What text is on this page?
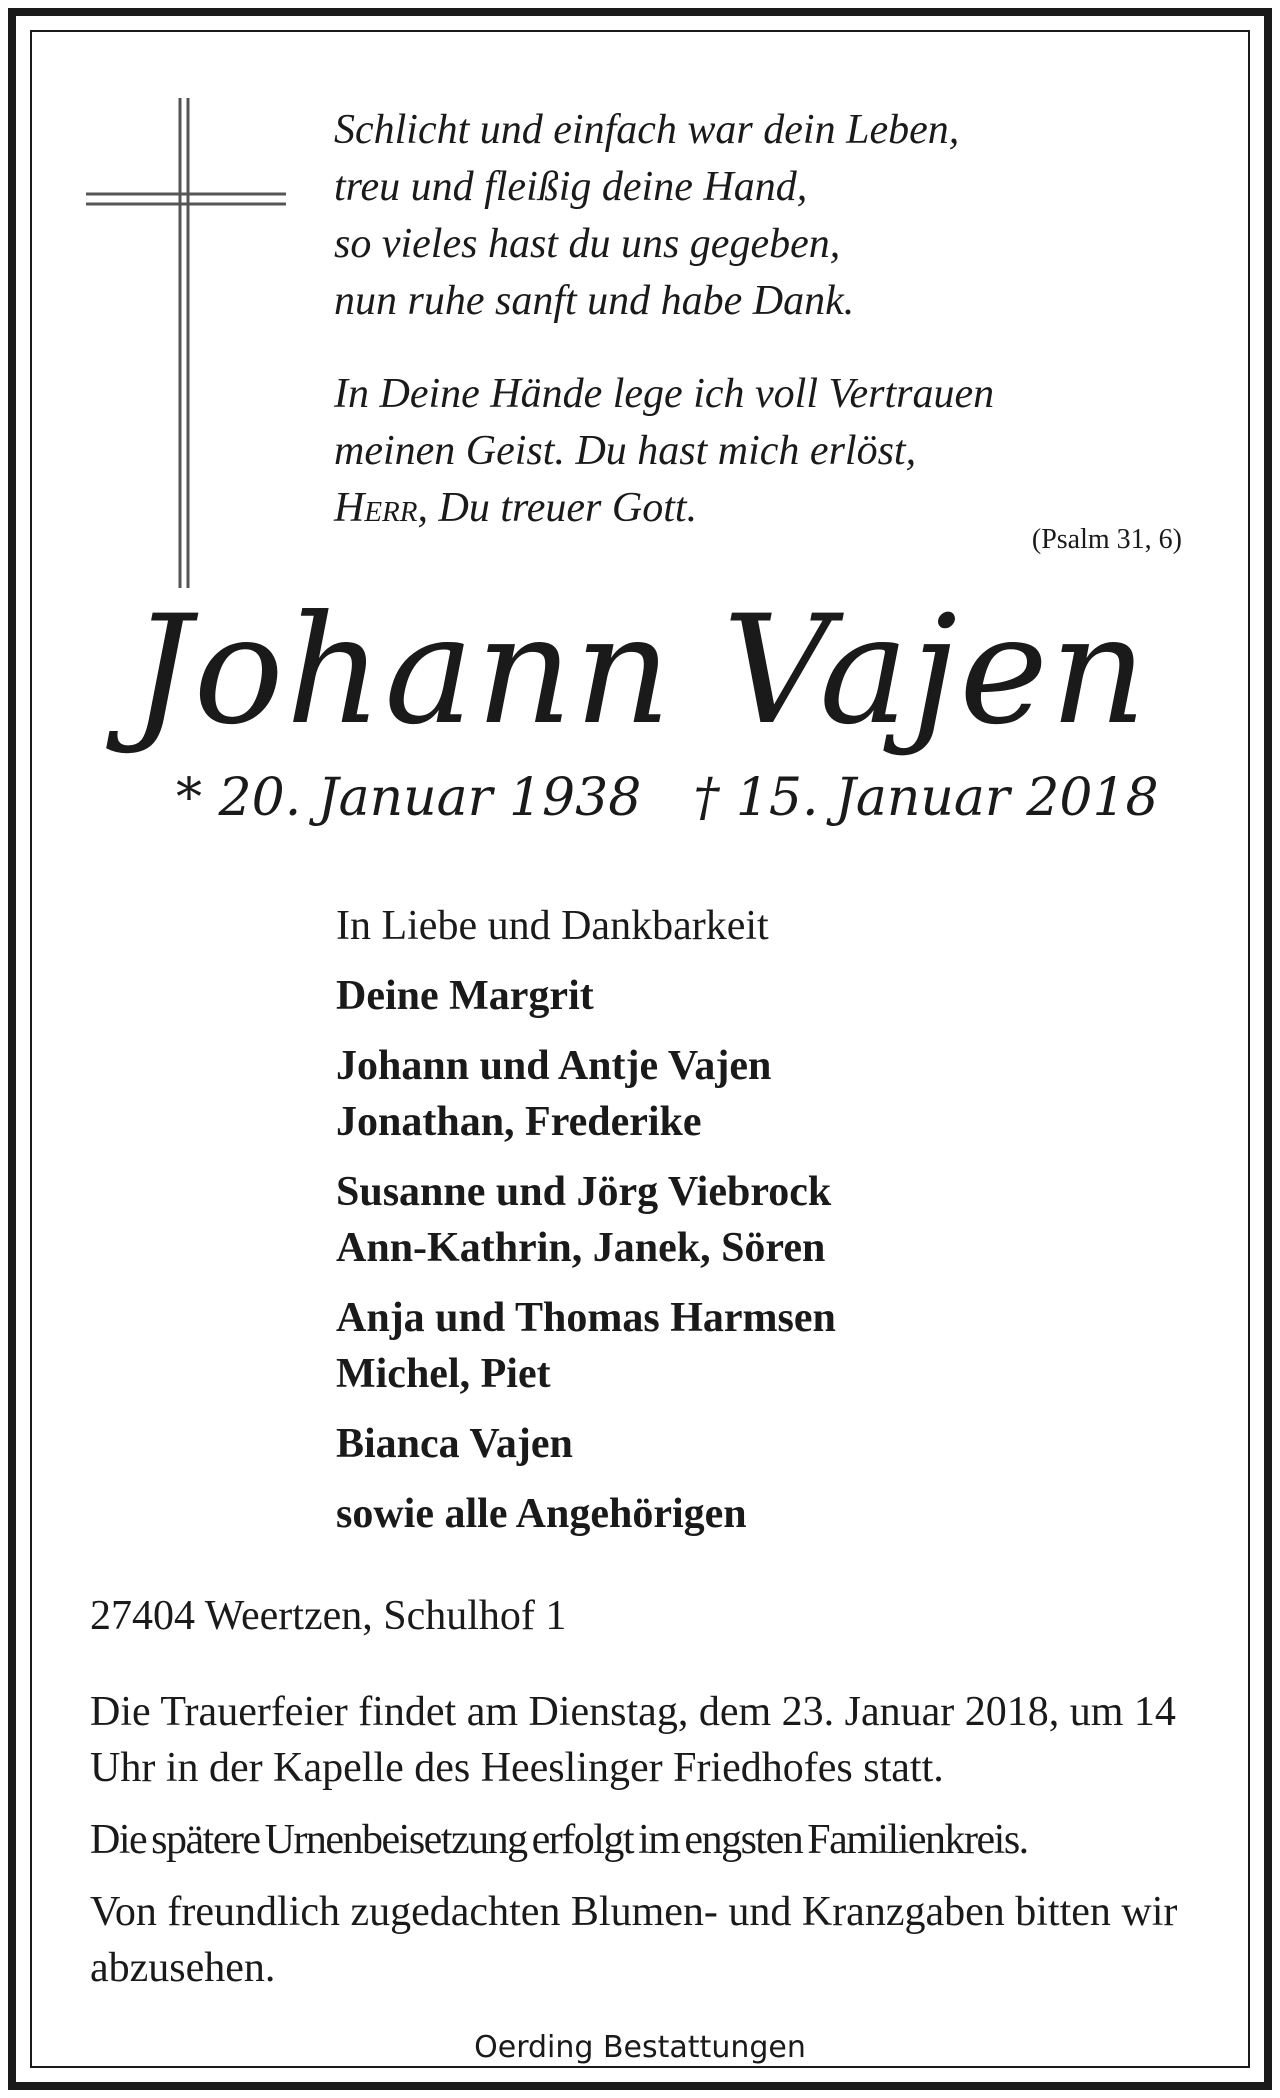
Schlicht und einfach war dein Leben,

treu und fleißig deine Hand,

so vieles hast du uns gegeben,

nun ruhe sanft und habe Dank.

In Deine Hände lege ich voll Vertrauen

meinen Geist. Du hast mich erlöst,

Herr, Du treuer Gott.

(Psalm 31, 6)
Johann Vajen
* 20. Januar 1938 † 15. Januar 2018

In Liebe und Dankbarkeit

Deine Margrit

Johann und Antje Vajen
Jonathan, Frederike

Susanne und Jörg Viebrock
Ann-Kathrin, Janek, Sören

Anja und Thomas Harmsen
Michel, Piet

Bianca Vajen

sowie alle Angehörigen

27404 Weertzen, Schulhof 1

Die Trauerfeier findet am Dienstag, dem 23. Januar 2018, um 14 Uhr in der Kapelle des Heeslinger Friedhofes statt.

Die spätere Urnenbeisetzung erfolgt im engsten Familienkreis.

Von freundlich zugedachten Blumen- und Kranzgaben bitten wir abzusehen.

Oerding Bestattungen
